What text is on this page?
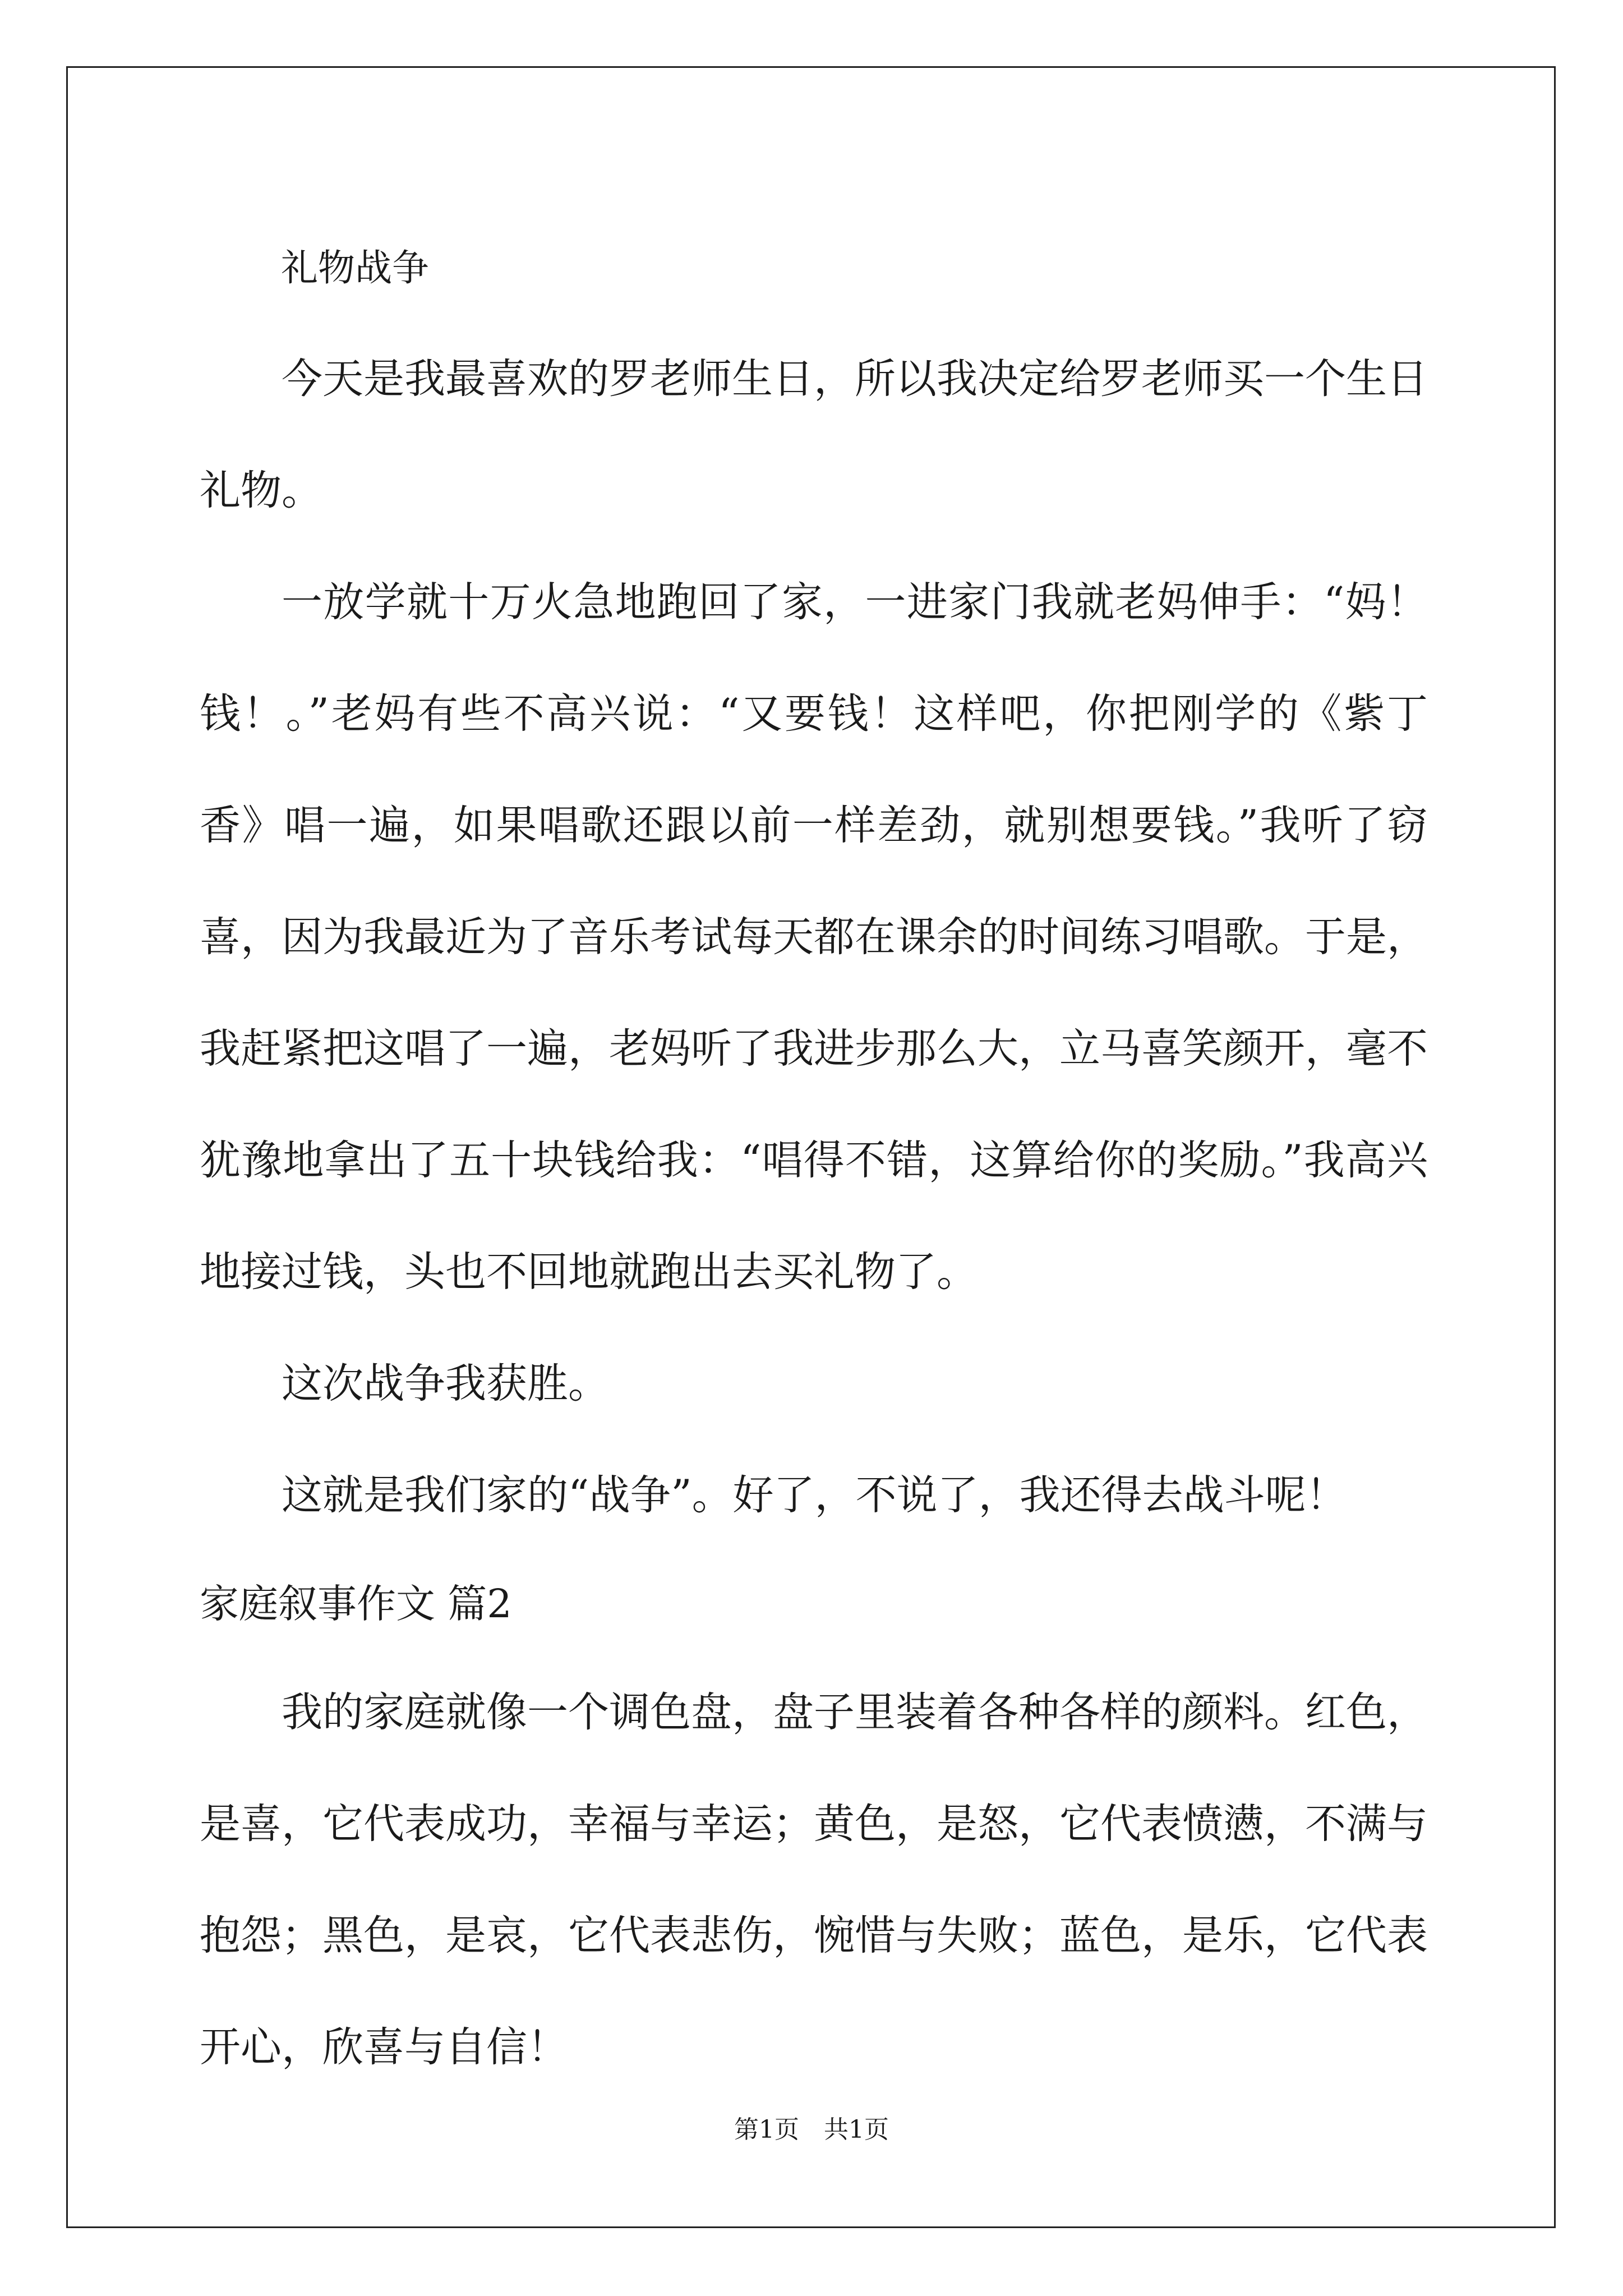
礼物战争

今天是我最喜欢的罗老师生日，所以我决定给罗老师买一个生日礼物。

一放学就十万火急地跑回了家，一进家门我就老妈伸手：“妈！钱！。”老妈有些不高兴说：“又要钱！这样吧，你把刚学的《紫丁香》唱一遍，如果唱歌还跟以前一样差劲，就别想要钱。”我听了窃喜，因为我最近为了音乐考试每天都在课余的时间练习唱歌。于是，我赶紧把这唱了一遍，老妈听了我进步那么大，立马喜笑颜开，毫不犹豫地拿出了五十块钱给我：“唱得不错，这算给你的奖励。”我高兴地接过钱，头也不回地就跑出去买礼物了。

这次战争我获胜。

这就是我们家的“战争”。好了，不说了，我还得去战斗呢！

家庭叙事作文 篇2

我的家庭就像一个调色盘，盘子里装着各种各样的颜料。红色，是喜，它代表成功，幸福与幸运；黄色，是怒，它代表愤懑，不满与抱怨；黑色，是哀，它代表悲伤，惋惜与失败；蓝色，是乐，它代表开心，欣喜与自信！

第1页　共1页
